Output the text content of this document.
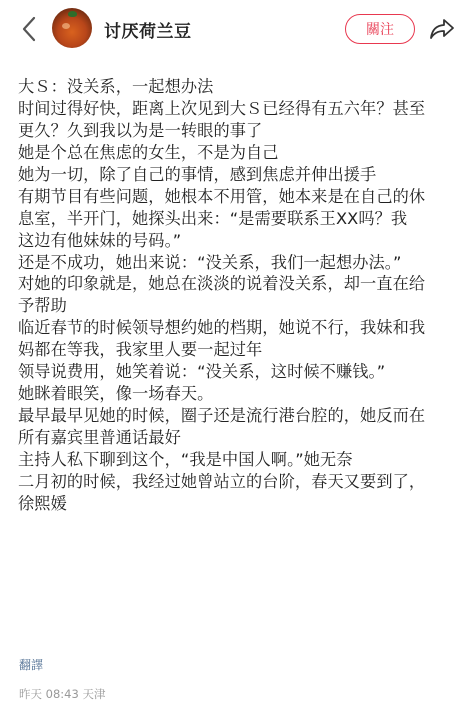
讨厌荷兰豆	關注
大Ｓ：没关系，一起想办法
时间过得好快，距离上次见到大Ｓ已经得有五六年？甚至
更久？久到我以为是一转眼的事了
她是个总在焦虑的女生，不是为自己
她为一切，除了自己的事情，感到焦虑并伸出援手
有期节目有些问题，她根本不用管，她本来是在自己的休
息室，半开门，她探头出来：“是需要联系王XX吗？我
这边有他妹妹的号码。”
还是不成功，她出来说：“没关系，我们一起想办法。”
对她的印象就是，她总在淡淡的说着没关系，却一直在给
予帮助
临近春节的时候领导想约她的档期，她说不行，我妹和我
妈都在等我，我家里人要一起过年
领导说费用，她笑着说：“没关系，这时候不赚钱。”
她眯着眼笑，像一场春天。
最早最早见她的时候，圈子还是流行港台腔的，她反而在
所有嘉宾里普通话最好
主持人私下聊到这个，“我是中国人啊。”她无奈
二月初的时候，我经过她曾站立的台阶，春天又要到了，
徐熙媛
翻譯
昨天 08:43 天津
